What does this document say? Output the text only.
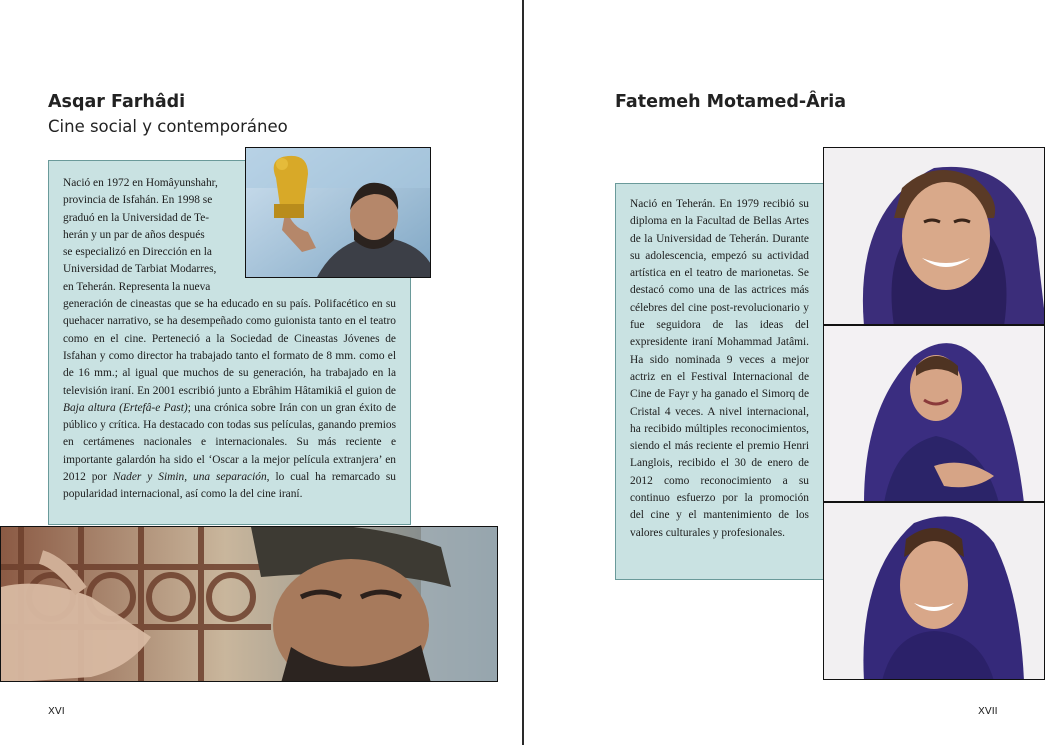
Asqar Farhâdi
Cine social y contemporáneo
Nació en 1972 en Homâyunshahr,
provincia de Isfahán. En 1998 se
graduó en la Universidad de Te-
herán y un par de años después
se especializó en Dirección en la
Universidad de Tarbiat Modarres,
en Teherán. Representa la nueva

generación de cineastas que se ha educado en su país. Polifacético en su quehacer narrativo, se ha desempeñado como guionista tanto en el teatro como en el cine. Perteneció a la Sociedad de Cineastas Jóvenes de Isfahan y como director ha trabajado tanto el formato de 8 mm. como el de 16 mm.; al igual que muchos de su generación, ha trabajado en la televisión iraní. En 2001 escribió junto a Ebrâhim Hâtamikiâ el guion de Baja altura (Ertefâ-e Past); una crónica sobre Irán con un gran éxito de público y crítica. Ha destacado con todas sus películas, ganando premios en certámenes nacionales e internacionales. Su más reciente e importante galardón ha sido el ‘Oscar a la mejor película extranjera’ en 2012 por Nader y Simin, una separación, lo cual ha remarcado su popularidad internacional, así como la del cine iraní.

XVI
Fatemeh Motamed-Âria

Nació en Teherán. En 1979 recibió su diploma en la Facultad de Bellas Artes de la Universidad de Teherán. Durante su adolescencia, empezó su actividad artística en el teatro de marionetas. Se destacó como una de las actrices más célebres del cine post-revolucionario y fue seguidora de las ideas del expresidente iraní Mohammad Jatâmi. Ha sido nominada 9 veces a mejor actriz en el Festival Internacional de Cine de Fayr y ha ganado el Simorq de Cristal 4 veces. A nivel internacional, ha recibido múltiples reconocimientos, siendo el más reciente el premio Henri Langlois, recibido el 30 de enero de 2012 como reconocimiento a su continuo esfuerzo por la promoción del cine y el mantenimiento de los valores culturales y profesionales.

XVII
